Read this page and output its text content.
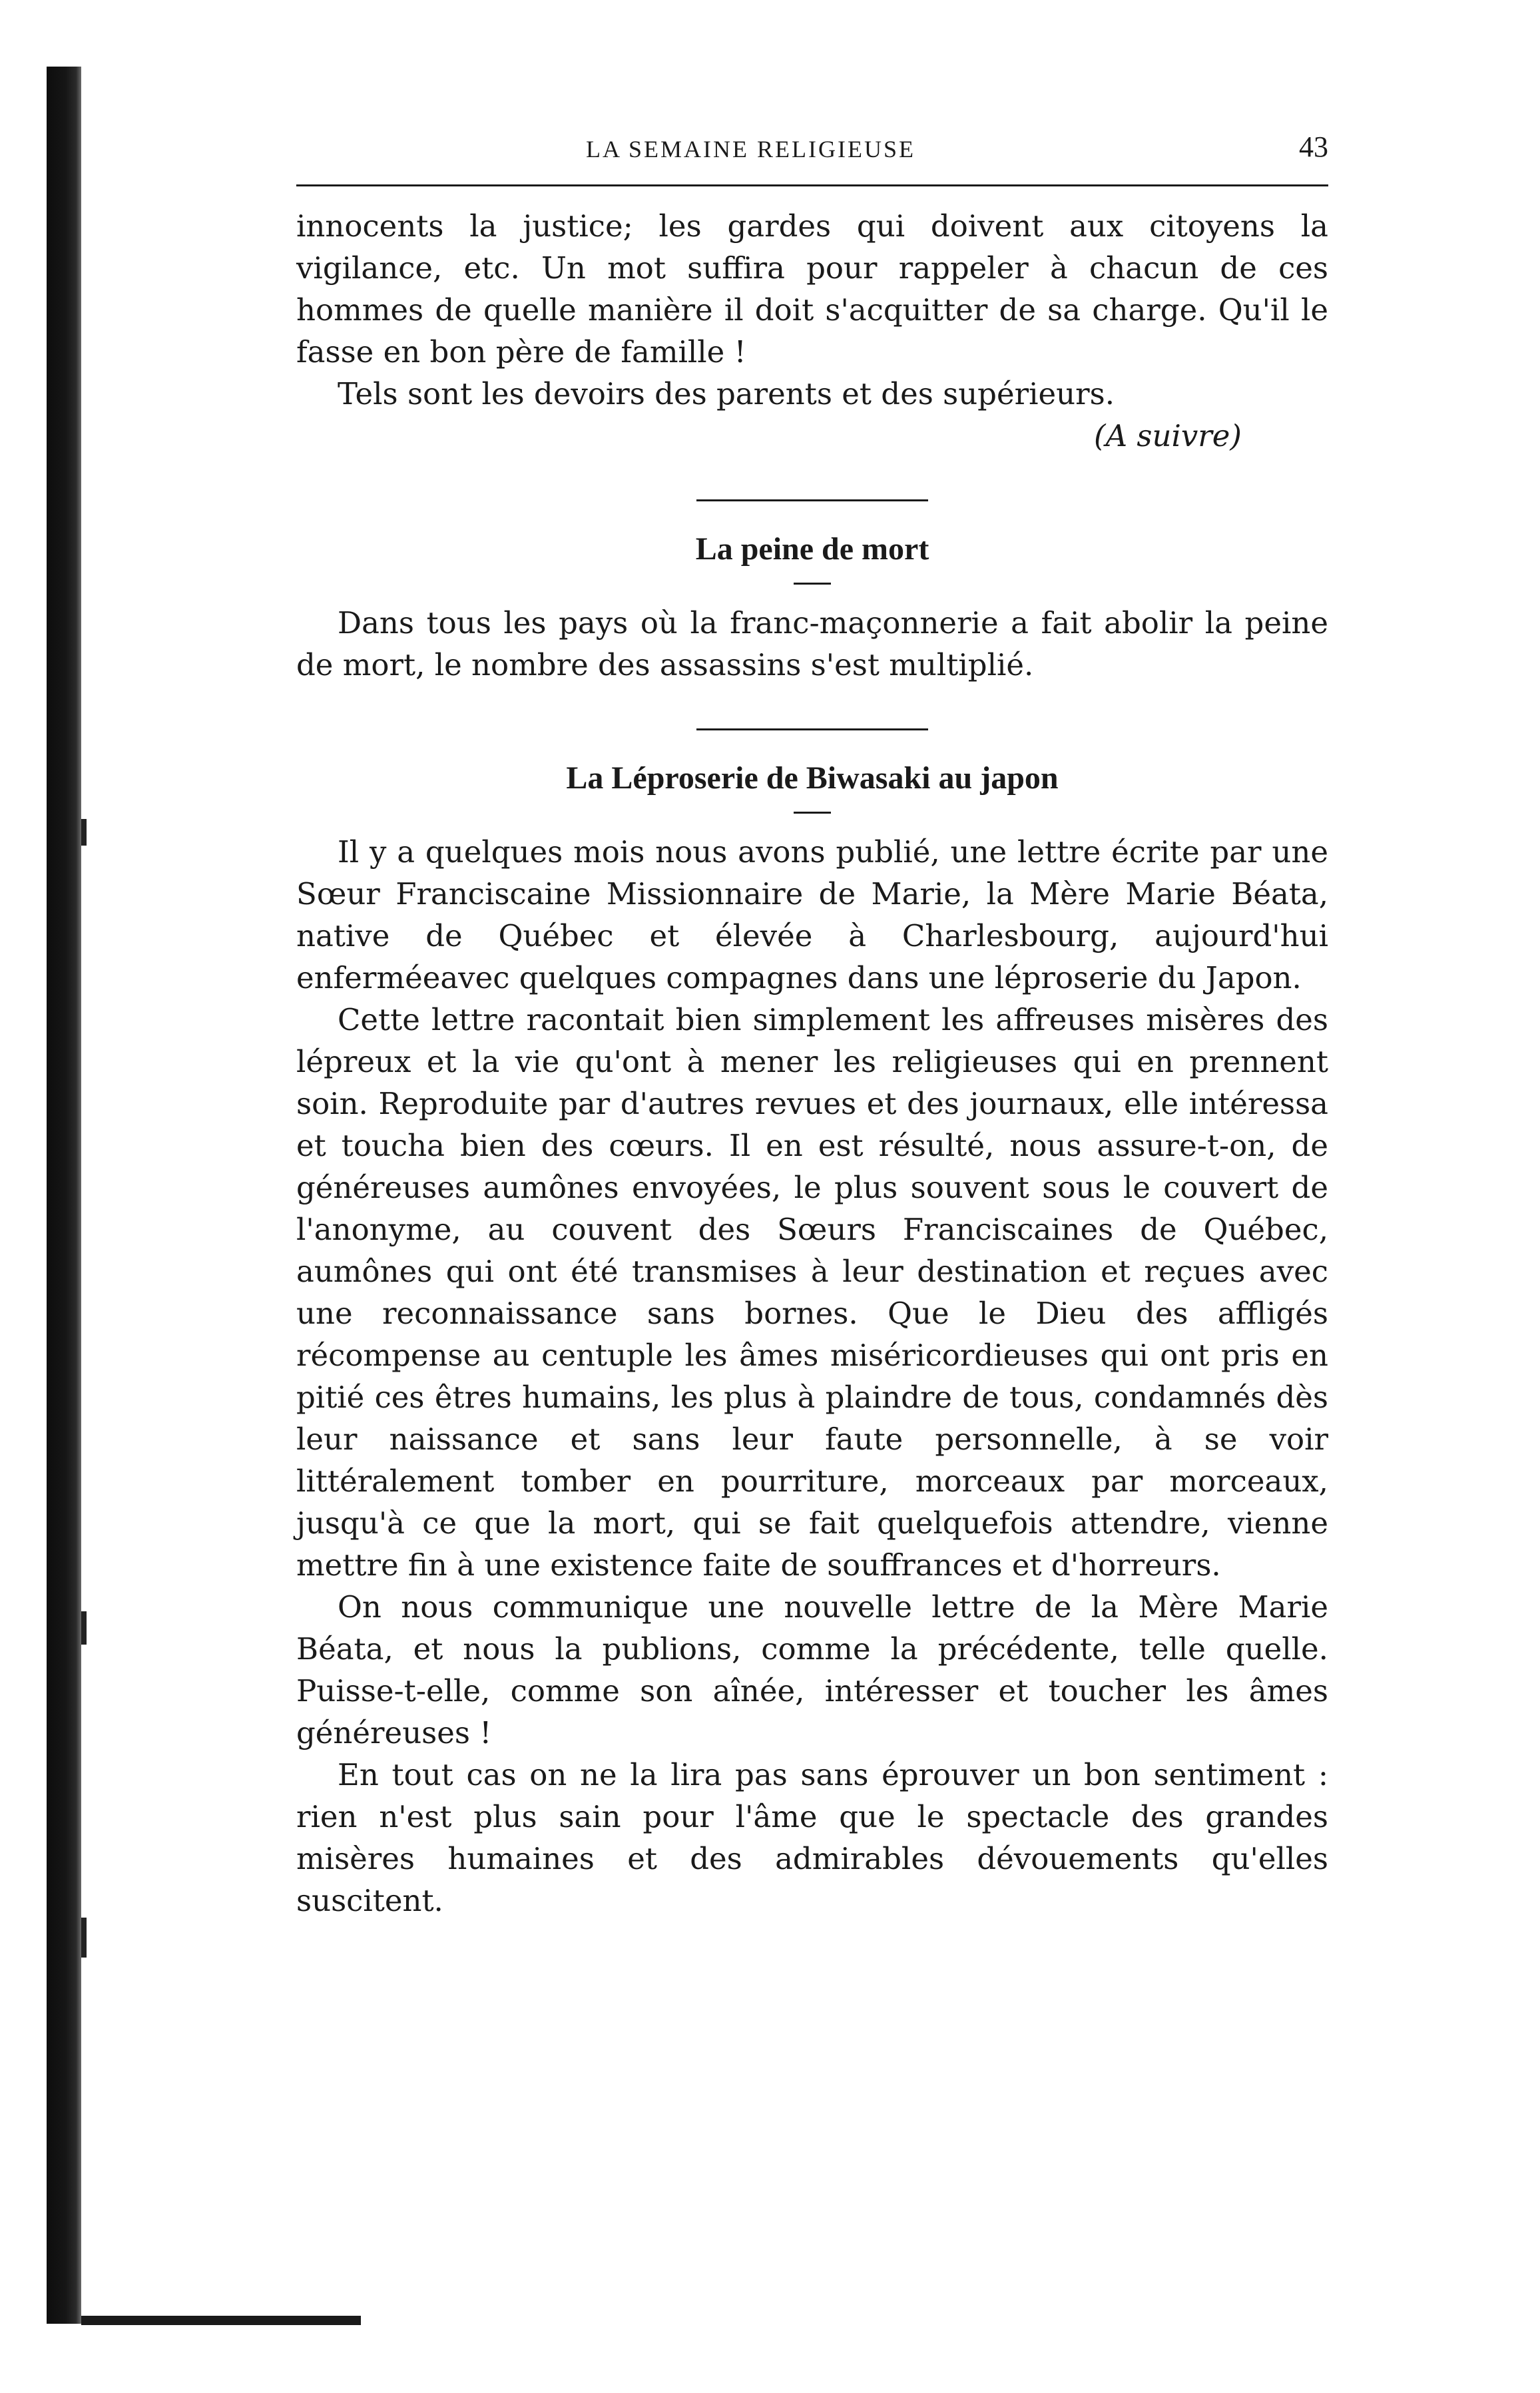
LA SEMAINE RELIGIEUSE	43

innocents la justice; les gardes qui doivent aux citoyens la vigilance, etc. Un mot suffira pour rappeler à chacun de ces hommes de quelle manière il doit s'acquitter de sa charge. Qu'il le fasse en bon père de famille !

Tels sont les devoirs des parents et des supérieurs.

(A suivre)
La peine de mort

Dans tous les pays où la franc-maçonnerie a fait abolir la peine de mort, le nombre des assassins s'est multiplié.

La Léproserie de Biwasaki au japon

Il y a quelques mois nous avons publié, une lettre écrite par une Sœur Franciscaine Missionnaire de Marie, la Mère Marie Béata, native de Québec et élevée à Charlesbourg, aujourd'hui enferméeavec quelques compagnes dans une léproserie du Japon.

Cette lettre racontait bien simplement les affreuses misères des lépreux et la vie qu'ont à mener les religieuses qui en prennent soin. Reproduite par d'autres revues et des journaux, elle intéressa et toucha bien des cœurs. Il en est résulté, nous assure-t-on, de généreuses aumônes envoyées, le plus souvent sous le couvert de l'anonyme, au couvent des Sœurs Franciscaines de Québec, aumônes qui ont été transmises à leur destination et reçues avec une reconnaissance sans bornes. Que le Dieu des affligés récompense au centuple les âmes miséricordieuses qui ont pris en pitié ces êtres humains, les plus à plaindre de tous, condamnés dès leur naissance et sans leur faute personnelle, à se voir littéralement tomber en pourriture, morceaux par morceaux, jusqu'à ce que la mort, qui se fait quelquefois attendre, vienne mettre fin à une existence faite de souffrances et d'horreurs.

On nous communique une nouvelle lettre de la Mère Marie Béata, et nous la publions, comme la précédente, telle quelle. Puisse-t-elle, comme son aînée, intéresser et toucher les âmes généreuses !

En tout cas on ne la lira pas sans éprouver un bon sentiment : rien n'est plus sain pour l'âme que le spectacle des grandes misères humaines et des admirables dévouements qu'elles suscitent.
